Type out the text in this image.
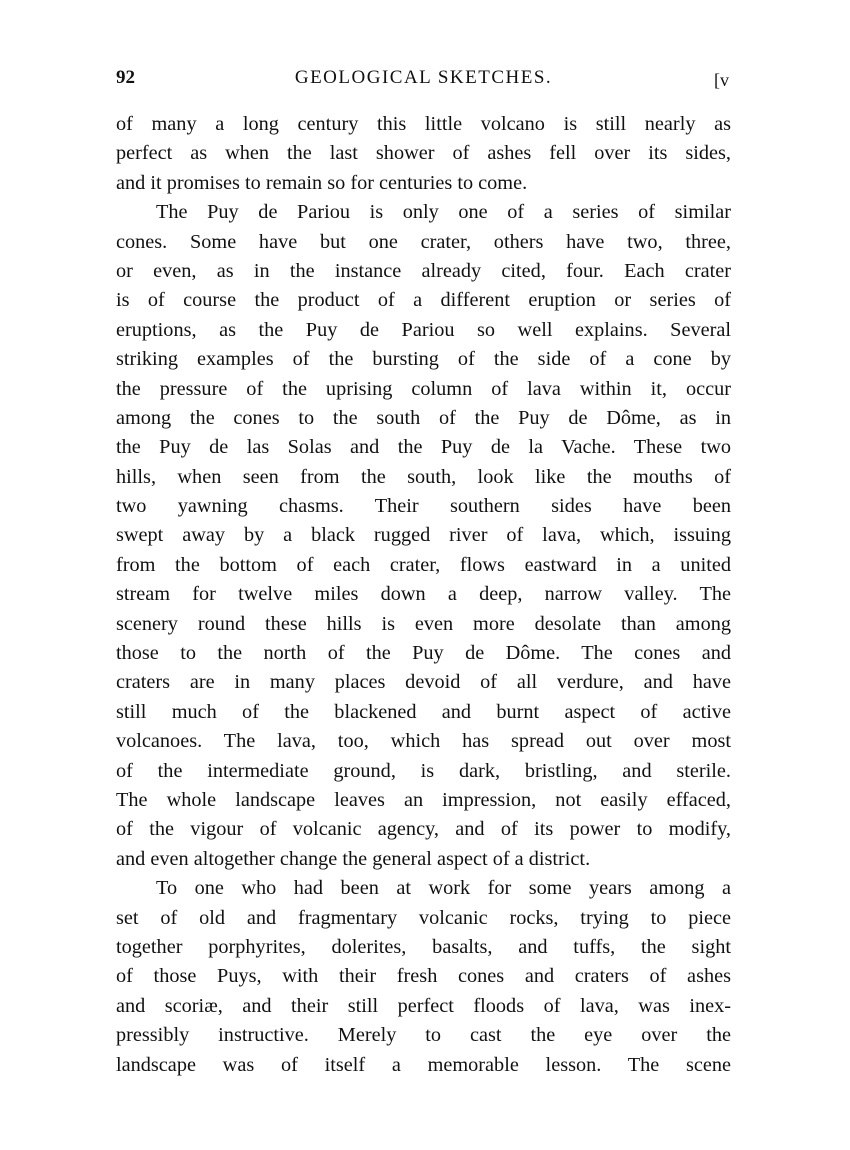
92	GEOLOGICAL SKETCHES.	[v
of many a long century this little volcano is still nearly as
perfect as when the last shower of ashes fell over its sides,
and it promises to remain so for centuries to come.
The Puy de Pariou is only one of a series of similar
cones. Some have but one crater, others have two, three,
or even, as in the instance already cited, four. Each crater
is of course the product of a different eruption or series of
eruptions, as the Puy de Pariou so well explains. Several
striking examples of the bursting of the side of a cone by
the pressure of the uprising column of lava within it, occur
among the cones to the south of the Puy de Dôme, as in
the Puy de las Solas and the Puy de la Vache. These two
hills, when seen from the south, look like the mouths of
two yawning chasms. Their southern sides have been
swept away by a black rugged river of lava, which, issuing
from the bottom of each crater, flows eastward in a united
stream for twelve miles down a deep, narrow valley. The
scenery round these hills is even more desolate than among
those to the north of the Puy de Dôme. The cones and
craters are in many places devoid of all verdure, and have
still much of the blackened and burnt aspect of active
volcanoes. The lava, too, which has spread out over most
of the intermediate ground, is dark, bristling, and sterile.
The whole landscape leaves an impression, not easily effaced,
of the vigour of volcanic agency, and of its power to modify,
and even altogether change the general aspect of a district.
To one who had been at work for some years among a
set of old and fragmentary volcanic rocks, trying to piece
together porphyrites, dolerites, basalts, and tuffs, the sight
of those Puys, with their fresh cones and craters of ashes
and scoriæ, and their still perfect floods of lava, was inex-
pressibly instructive. Merely to cast the eye over the
landscape was of itself a memorable lesson. The scene
